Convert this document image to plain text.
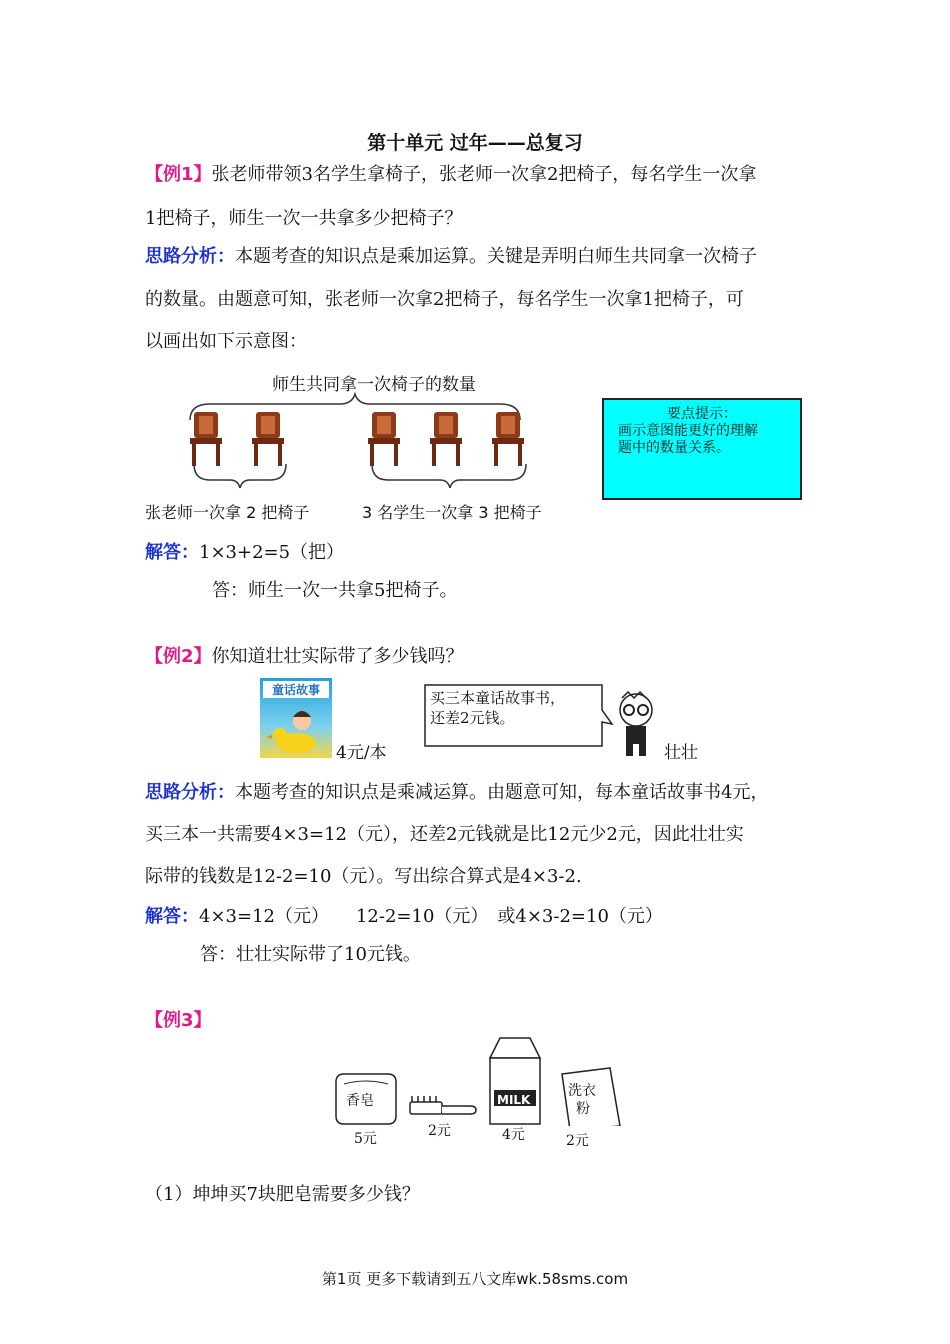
第十单元 过年——总复习
【例1】张老师带领3名学生拿椅子，张老师一次拿2把椅子，每名学生一次拿
1把椅子，师生一次一共拿多少把椅子？
思路分析：本题考查的知识点是乘加运算。关键是弄明白师生共同拿一次椅子
的数量。由题意可知，张老师一次拿2把椅子，每名学生一次拿1把椅子，可
以画出如下示意图：
师生共同拿一次椅子的数量
张老师一次拿 2 把椅子	3 名学生一次拿 3 把椅子
要点提示：
画示意图能更好的理解
题中的数量关系。
解答：1×3+2=5（把）
答：师生一次一共拿5把椅子。
【例2】你知道壮壮实际带了多少钱吗？
童话故事
4元/本
买三本童话故事书，
还差2元钱。
壮壮
思路分析：本题考查的知识点是乘减运算。由题意可知，每本童话故事书4元，
买三本一共需要4×3=12（元），还差2元钱就是比12元少2元，因此壮壮实
际带的钱数是12-2=10（元）。写出综合算式是4×3-2.
解答：4×3=12（元）　　12-2=10（元）　或4×3-2=10（元）
答：壮壮实际带了10元钱。
【例3】
香皂	MILK
洗衣
粉
5元	2元	4元	2元
（1）坤坤买7块肥皂需要多少钱？
第1页 更多下载请到五八文库wk.58sms.com
